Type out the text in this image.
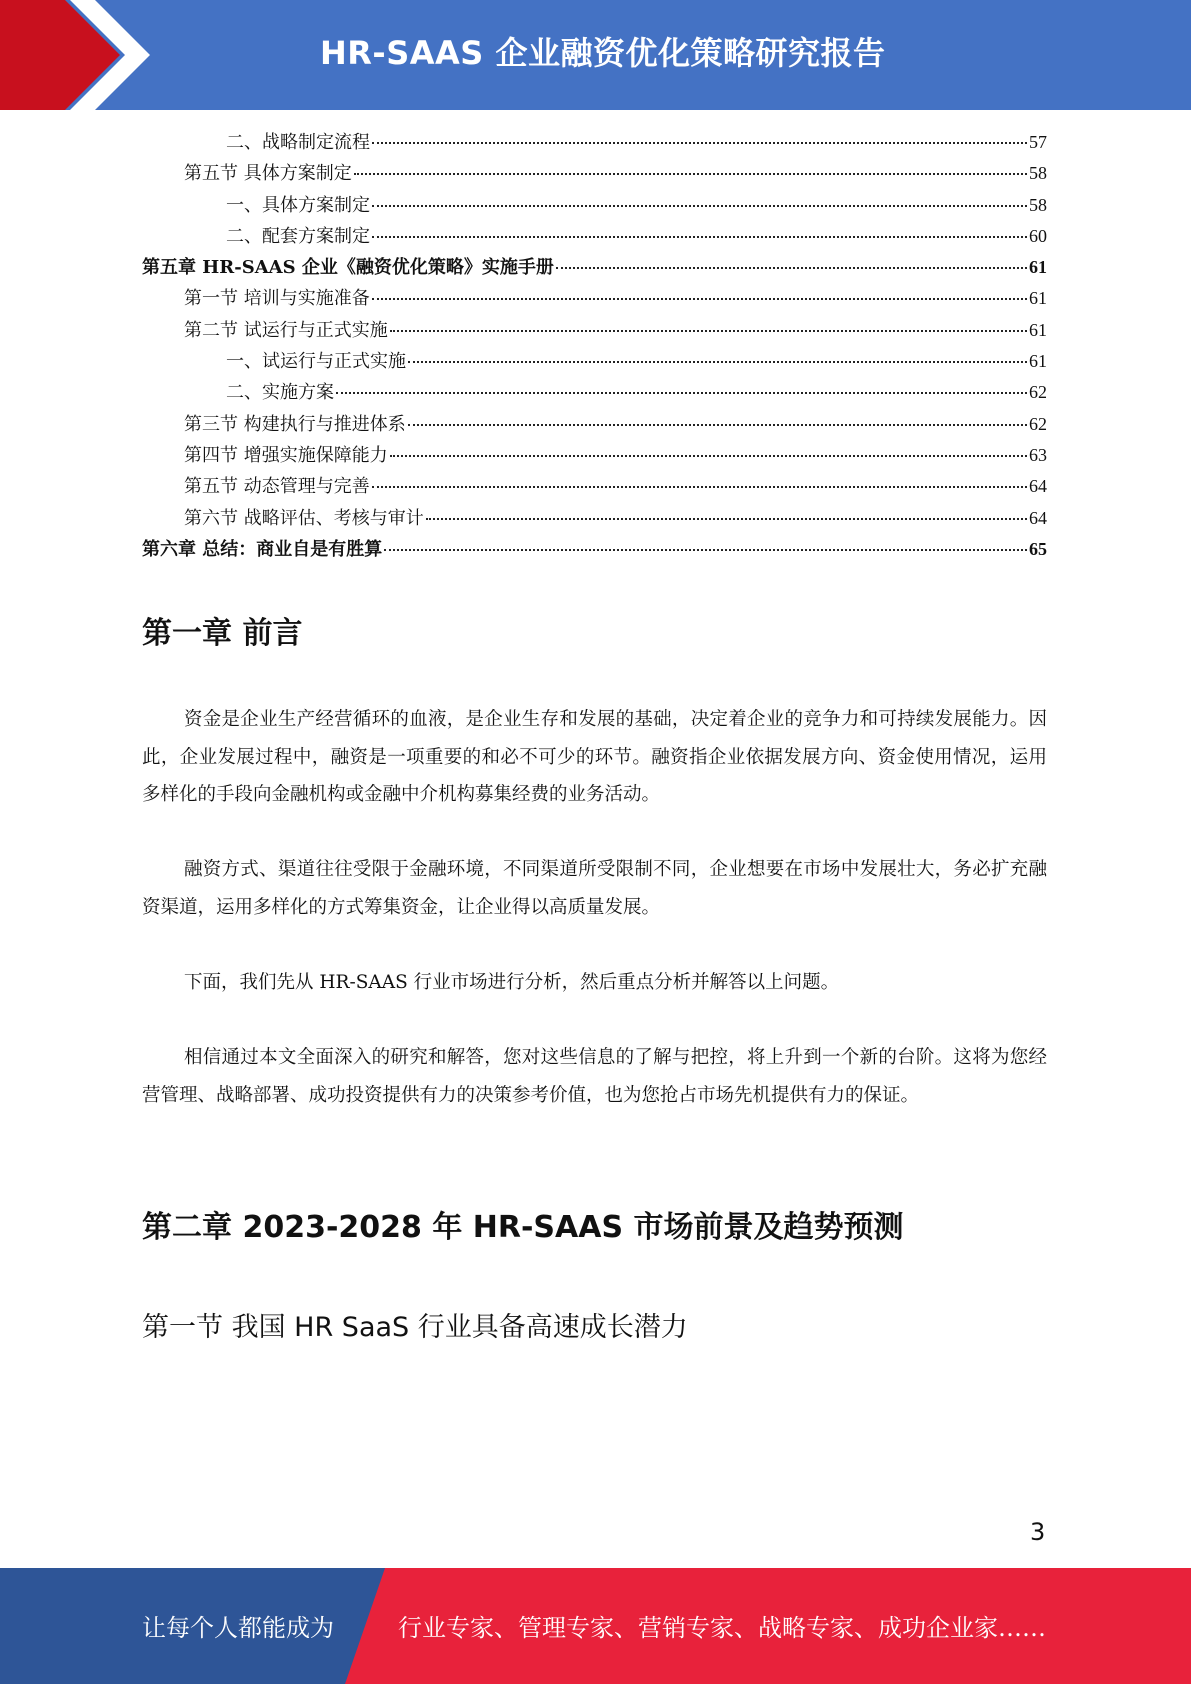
HR-SAAS 企业融资优化策略研究报告
二、战略制定流程	57
第五节 具体方案制定	58
一、具体方案制定	58
二、配套方案制定	60
第五章 HR-SAAS 企业《融资优化策略》实施手册	61
第一节 培训与实施准备	61
第二节 试运行与正式实施	61
一、试运行与正式实施	61
二、实施方案	62
第三节 构建执行与推进体系	62
第四节 增强实施保障能力	63
第五节 动态管理与完善	64
第六节 战略评估、考核与审计	64
第六章 总结：商业自是有胜算	65
第一章 前言

资金是企业生产经营循环的血液，是企业生存和发展的基础，决定着企业的竞争力和可持续发展能力。因此，企业发展过程中，融资是一项重要的和必不可少的环节。融资指企业依据发展方向、资金使用情况，运用多样化的手段向金融机构或金融中介机构募集经费的业务活动。

融资方式、渠道往往受限于金融环境，不同渠道所受限制不同，企业想要在市场中发展壮大，务必扩充融资渠道，运用多样化的方式筹集资金，让企业得以高质量发展。

下面，我们先从 HR-SAAS 行业市场进行分析，然后重点分析并解答以上问题。

相信通过本文全面深入的研究和解答，您对这些信息的了解与把控，将上升到一个新的台阶。这将为您经营管理、战略部署、成功投资提供有力的决策参考价值，也为您抢占市场先机提供有力的保证。

第二章 2023-2028 年 HR-SAAS 市场前景及趋势预测
第一节 我国 HR SaaS 行业具备高速成长潜力
3
让每个人都能成为	行业专家、管理专家、营销专家、战略专家、成功企业家……
